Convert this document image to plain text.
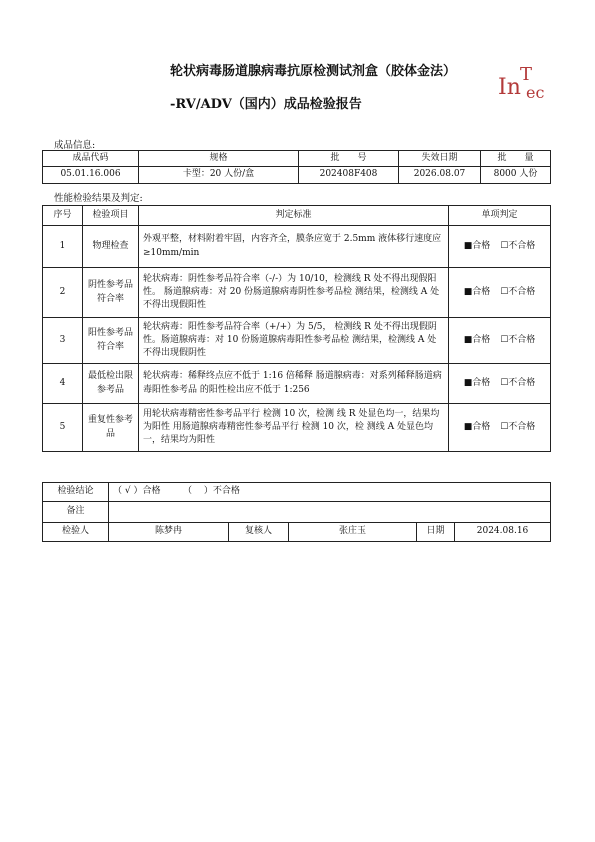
轮状病毒肠道腺病毒抗原检测试剂盒（胶体金法）
-RV/ADV（国内）成品检验报告
In
T
ec
成品信息:
成品代码	规格	批　　号	失效日期	批　　量
05.01.16.006	卡型：20 人份/盒	202408F408	2026.08.07	8000 人份
性能检验结果及判定:
序号	检验项目	判定标准	单项判定
1	物理检查	外观平整，材料附着牢固，内容齐全，膜条应宽于 2.5mm 液体移行速度应≥10mm/min	■合格 ☐不合格
2	阴性参考品符合率	轮状病毒：阴性参考品符合率（-/-）为 10/10，检测线 R 处不得出现假阳性。 肠道腺病毒：对 20 份肠道腺病毒阴性参考品检 测结果，检测线 A 处不得出现假阳性	■合格 ☐不合格
3	阳性参考品符合率	轮状病毒：阳性参考品符合率（+/+）为 5/5， 检测线 R 处不得出现假阴性。肠道腺病毒：对 10 份肠道腺病毒阳性参考品检 测结果，检测线 A 处不得出现假阴性	■合格 ☐不合格
4	最低检出限参考品	轮状病毒：稀释终点应不低于 1:16 倍稀释 肠道腺病毒：对系列稀释肠道病毒阳性参考品 的阳性检出应不低于 1:256	■合格 ☐不合格
5	重复性参考品	用轮状病毒精密性参考品平行 检测 10 次，检测 线 R 处显色均一，结果均为阳性 用肠道腺病毒精密性参考品平行 检测 10 次，检 测线 A 处显色均一，结果均为阳性	■合格 ☐不合格
检验结论	（ √ ）合格　　　（　 ）不合格				
备注					
检验人	陈梦冉	复核人	张庄玉	日期	2024.08.16
